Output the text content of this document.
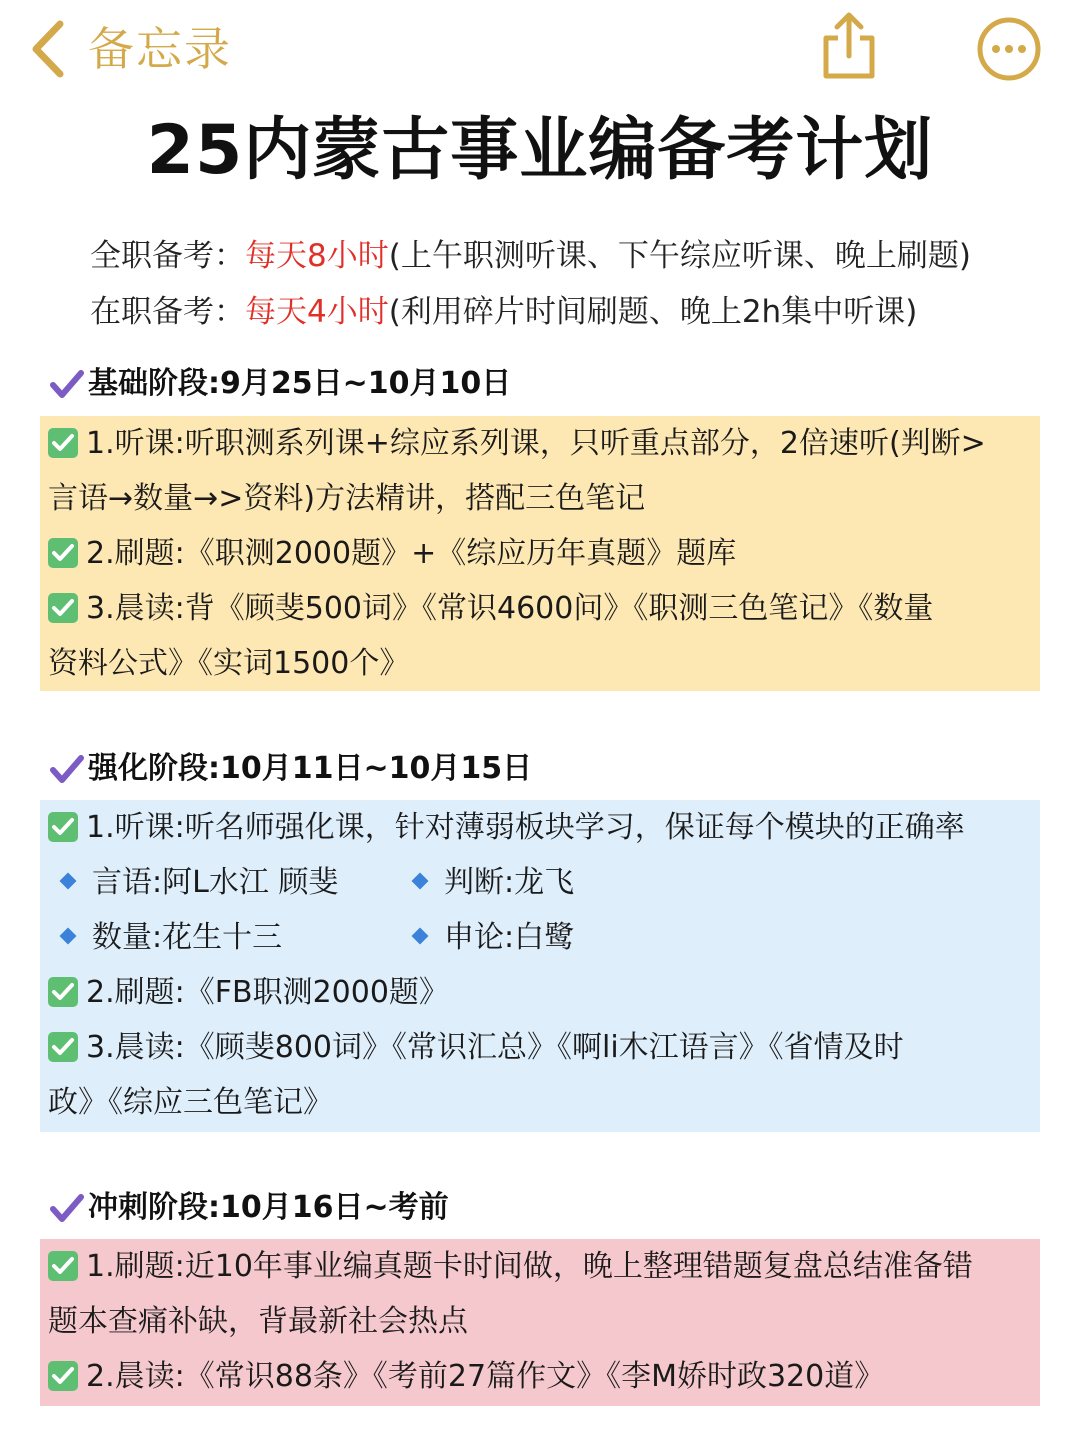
备忘录
25内蒙古事业编备考计划
全职备考：每天8小时(上午职测听课、下午综应听课、晚上刷题)
在职备考：每天4小时(利用碎片时间刷题、晚上2h集中听课)
基础阶段:9月25日~10月10日
1.听课:听职测系列课+综应系列课，只听重点部分，2倍速听(判断>
言语→数量→>资料)方法精讲，搭配三色笔记
2.刷题:《职测2000题》+《综应历年真题》题库
3.晨读:背《顾斐500词》《常识4600问》《职测三色笔记》《数量
资料公式》《实词1500个》
强化阶段:10月11日~10月15日
1.听课:听名师强化课，针对薄弱板块学习，保证每个模块的正确率
言语:阿L水江 顾斐	判断:龙飞
数量:花生十三	申论:白鹭
2.刷题:《FB职测2000题》
3.晨读:《顾斐800词》《常识汇总》《啊li木江语言》《省情及时
政》《综应三色笔记》
冲刺阶段:10月16日~考前
1.刷题:近10年事业编真题卡时间做，晚上整理错题复盘总结准备错
题本查痛补缺，背最新社会热点
2.晨读:《常识88条》《考前27篇作文》《李M娇时政320道》
